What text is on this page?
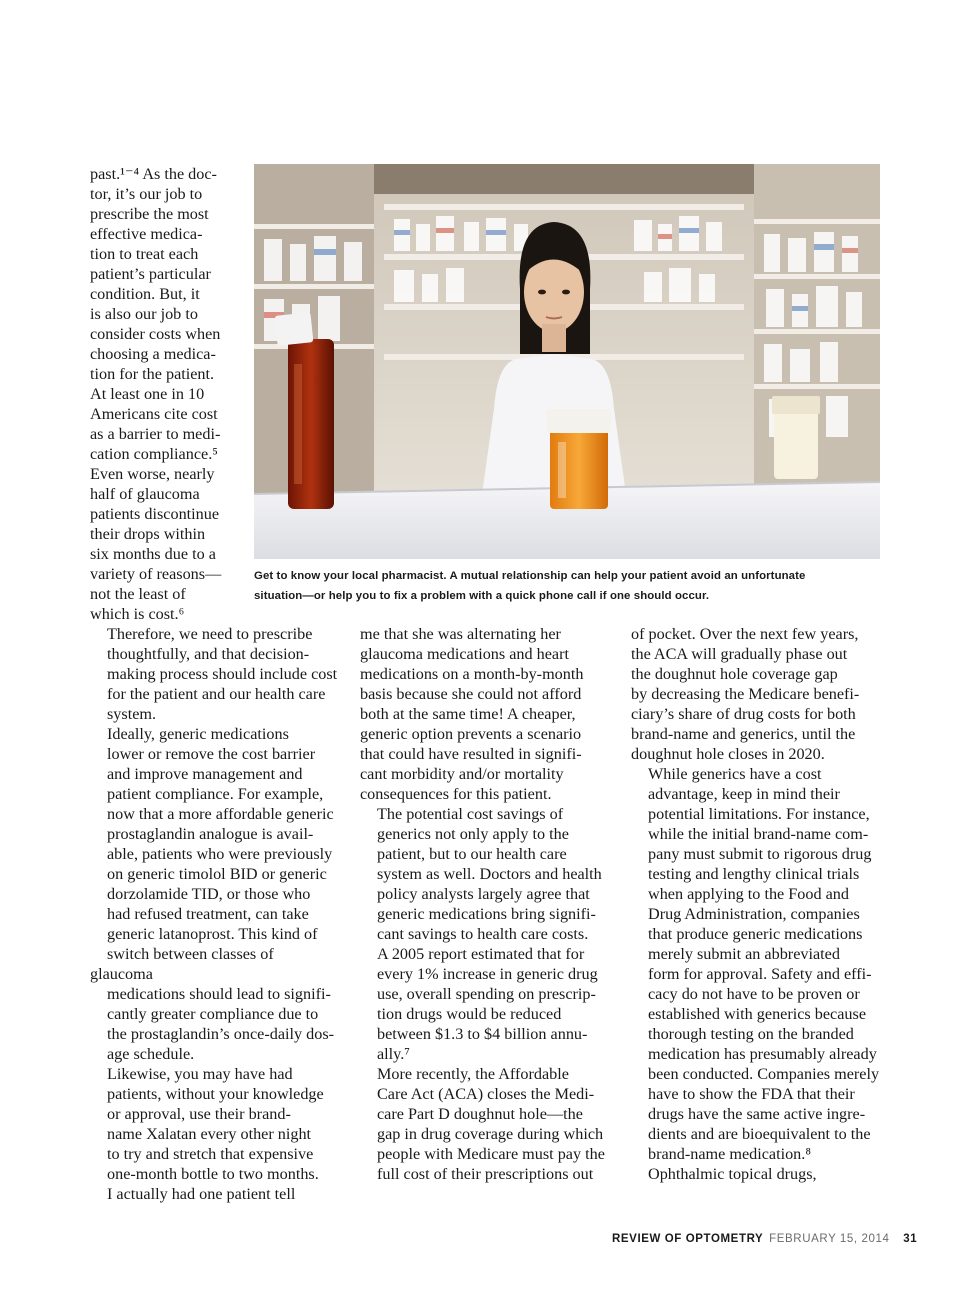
past.¹⁻⁴ As the doc-
tor, it’s our job to
prescribe the most
effective medica-
tion to treat each
patient’s particular
condition. But, it
is also our job to
consider costs when
choosing a medica-
tion for the patient.
At least one in 10
Americans cite cost
as a barrier to medi-
cation compliance.⁵
Even worse, nearly
half of glaucoma
patients discontinue
their drops within
six months due to a
variety of reasons—
not the least of
which is cost.⁶

Therefore, we need to prescribe
thoughtfully, and that decision-
making process should include cost
for the patient and our health care
system.

Ideally, generic medications
lower or remove the cost barrier
and improve management and
patient compliance. For example,
now that a more affordable generic
prostaglandin analogue is avail-
able, patients who were previously
on generic timolol BID or generic
dorzolamide TID, or those who
had refused treatment, can take
generic latanoprost. This kind of
switch between classes of glaucoma
medications should lead to signifi-
cantly greater compliance due to
the prostaglandin’s once-daily dos-
age schedule.

Likewise, you may have had
patients, without your knowledge
or approval, use their brand-
name Xalatan every other night
to try and stretch that expensive
one-month bottle to two months.
I actually had one patient tell

me that she was alternating her
glaucoma medications and heart
medications on a month-by-month
basis because she could not afford
both at the same time! A cheaper,
generic option prevents a scenario
that could have resulted in signifi-
cant morbidity and/or mortality
consequences for this patient.

The potential cost savings of
generics not only apply to the
patient, but to our health care
system as well. Doctors and health
policy analysts largely agree that
generic medications bring signifi-
cant savings to health care costs.
A 2005 report estimated that for
every 1% increase in generic drug
use, overall spending on prescrip-
tion drugs would be reduced
between $1.3 to $4 billion annu-
ally.⁷

More recently, the Affordable
Care Act (ACA) closes the Medi-
care Part D doughnut hole—the
gap in drug coverage during which
people with Medicare must pay the
full cost of their prescriptions out

of pocket. Over the next few years,
the ACA will gradually phase out
the doughnut hole coverage gap
by decreasing the Medicare benefi-
ciary’s share of drug costs for both
brand-name and generics, until the
doughnut hole closes in 2020.

While generics have a cost
advantage, keep in mind their
potential limitations. For instance,
while the initial brand-name com-
pany must submit to rigorous drug
testing and lengthy clinical trials
when applying to the Food and
Drug Administration, companies
that produce generic medications
merely submit an abbreviated
form for approval. Safety and effi-
cacy do not have to be proven or
established with generics because
thorough testing on the branded
medication has presumably already
been conducted. Companies merely
have to show the FDA that their
drugs have the same active ingre-
dients and are bioequivalent to the
brand-name medication.⁸

Ophthalmic topical drugs,

Get to know your local pharmacist. A mutual relationship can help your patient avoid an unfortunate
situation—or help you to fix a problem with a quick phone call if one should occur.
REVIEW OF OPTOMETRY FEBRUARY 15, 2014 31
